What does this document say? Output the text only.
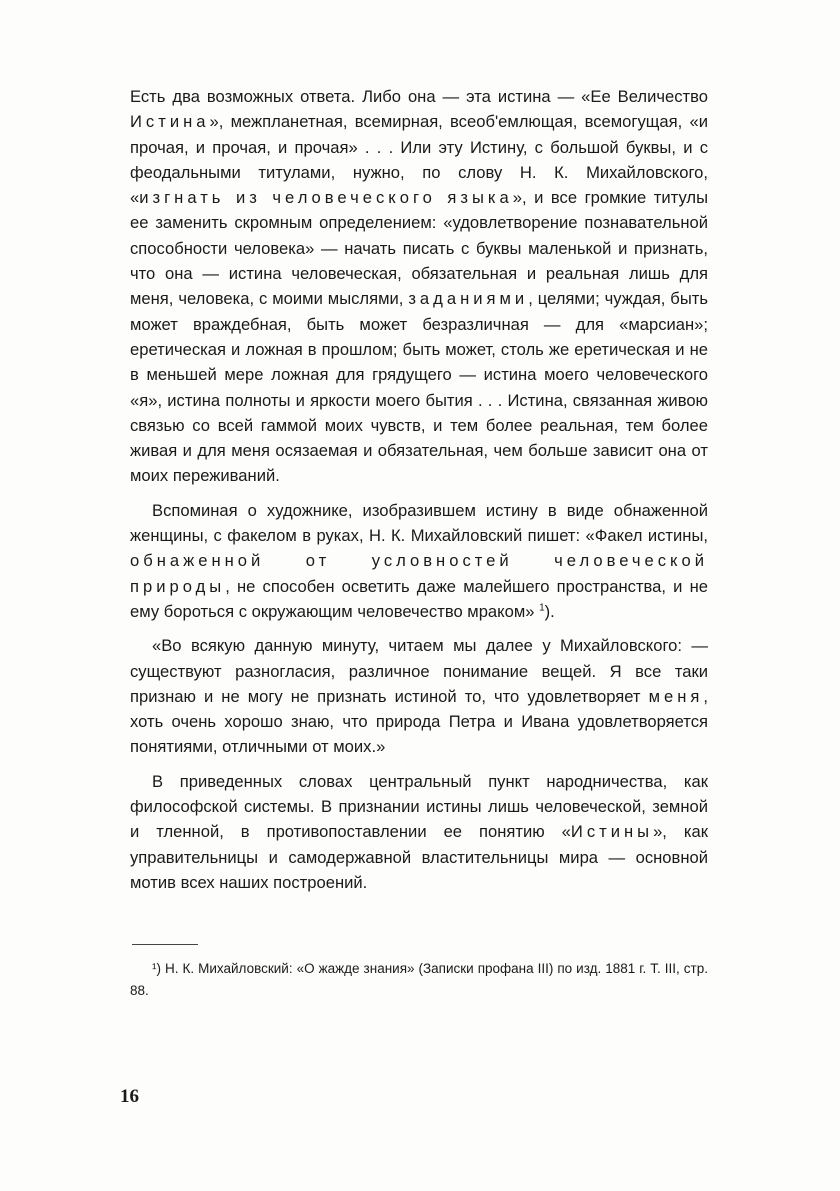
Есть два возможных ответа. Либо она — эта истина — «Ее Величество Истина», межпланетная, всемирная, всеоб'емлющая, всемогущая, «и прочая, и прочая, и прочая» . . . Или эту Истину, с большой буквы, и с феодальными титулами, нужно, по слову Н. К. Михайловского, «изгнать из человеческого языка», и все громкие титулы ее заменить скромным определением: «удовлетворение познавательной способности человека» — начать писать с буквы маленькой и признать, что она — истина человеческая, обязательная и реальная лишь для меня, человека, с моими мыслями, заданиями, целями; чуждая, быть может враждебная, быть может безразличная — для «марсиан»; еретическая и ложная в прошлом; быть может, столь же еретическая и не в меньшей мере ложная для грядущего — истина моего человеческого «я», истина полноты и яркости моего бытия . . . Истина, связанная живою связью со всей гаммой моих чувств, и тем более реальная, тем более живая и для меня осязаемая и обязательная, чем больше зависит она от моих переживаний.

Вспоминая о художнике, изобразившем истину в виде обнаженной женщины, с факелом в руках, Н. К. Михайловский пишет: «Факел истины, обнаженной от условностей человеческой природы, не способен осветить даже малейшего пространства, и не ему бороться с окружающим человечество мраком» $^1$).

«Во всякую данную минуту, читаем мы далее у Михайловского: — существуют разногласия, различное понимание вещей. Я все таки признаю и не могу не признать истиной то, что удовлетворяет меня, хоть очень хорошо знаю, что природа Петра и Ивана удовлетворяется понятиями, отличными от моих.»

В приведенных словах центральный пункт народничества, как философской системы. В признании истины лишь человеческой, земной и тленной, в противопоставлении ее понятию «Истины», как управительницы и самодержавной властительницы мира — основной мотив всех наших построений.

¹) Н. К. Михайловский: «О жажде знания» (Записки профана III) по изд. 1881 г. Т. III, стр. 88.

16
